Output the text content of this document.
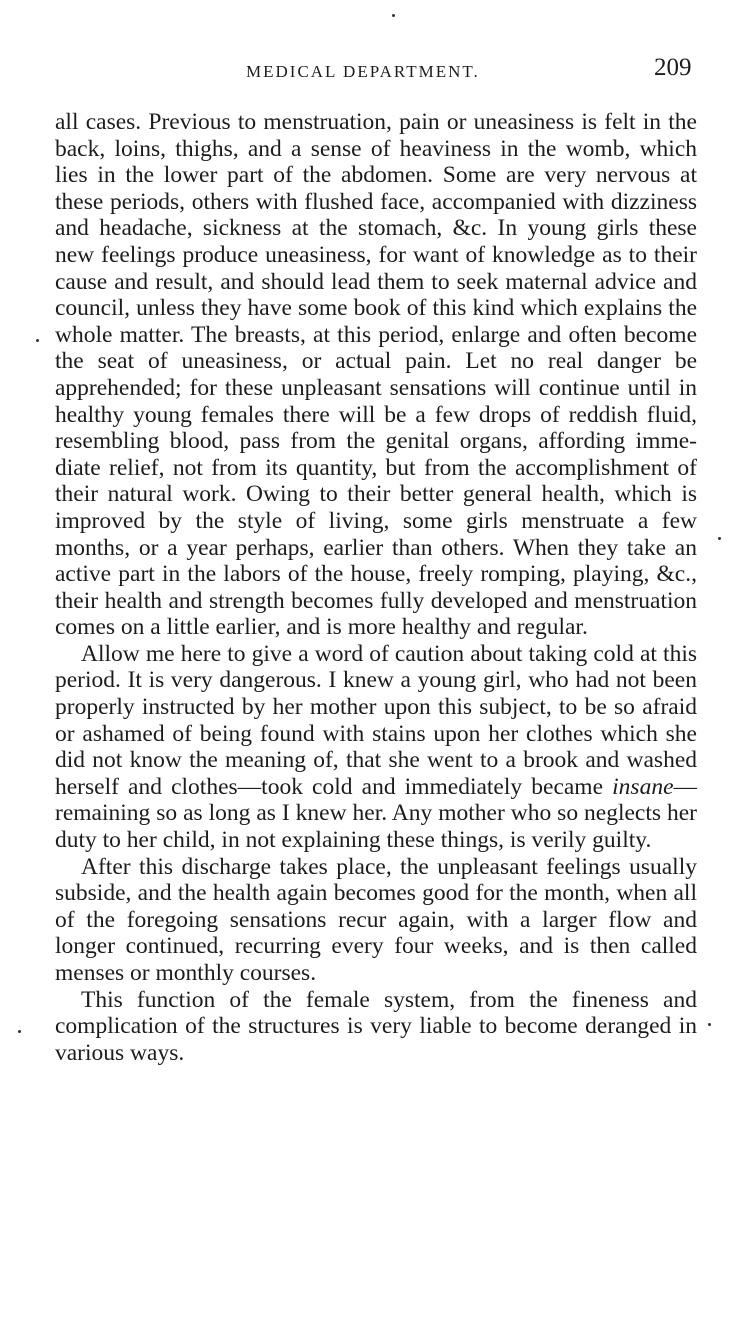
MEDICAL DEPARTMENT.	209

all cases. Previous to menstruation, pain or uneasiness is felt in the back, loins, thighs, and a sense of heaviness in the womb, which lies in the lower part of the abdomen. Some are very nervous at these periods, others with flushed face, accompanied with dizziness and headache, sickness at the stomach, &c. In young girls these new feelings produce uneasiness, for want of knowledge as to their cause and result, and should lead them to seek maternal advice and council, unless they have some book of this kind which explains the whole matter. The breasts, at this period, enlarge and often become the seat of uneasiness, or actual pain. Let no real danger be apprehended; for these unpleasant sensations will continue until in healthy young females there will be a few drops of reddish fluid, resembling blood, pass from the genital organs, affording immediate relief, not from its quantity, but from the accomplishment of their natural work. Owing to their better general health, which is improved by the style of living, some girls menstruate a few months, or a year perhaps, earlier than others. When they take an active part in the labors of the house, freely romping, playing, &c., their health and strength becomes fully developed and menstruation comes on a little earlier, and is more healthy and regular.

Allow me here to give a word of caution about taking cold at this period. It is very dangerous. I knew a young girl, who had not been properly instructed by her mother upon this subject, to be so afraid or ashamed of being found with stains upon her clothes which she did not know the meaning of, that she went to a brook and washed herself and clothes—took cold and immediately became insane—remaining so as long as I knew her. Any mother who so neglects her duty to her child, in not explaining these things, is verily guilty.

After this discharge takes place, the unpleasant feelings usually subside, and the health again becomes good for the month, when all of the foregoing sensations recur again, with a larger flow and longer continued, recurring every four weeks, and is then called menses or monthly courses.

This function of the female system, from the fineness and complication of the structures is very liable to become deranged in various ways.
